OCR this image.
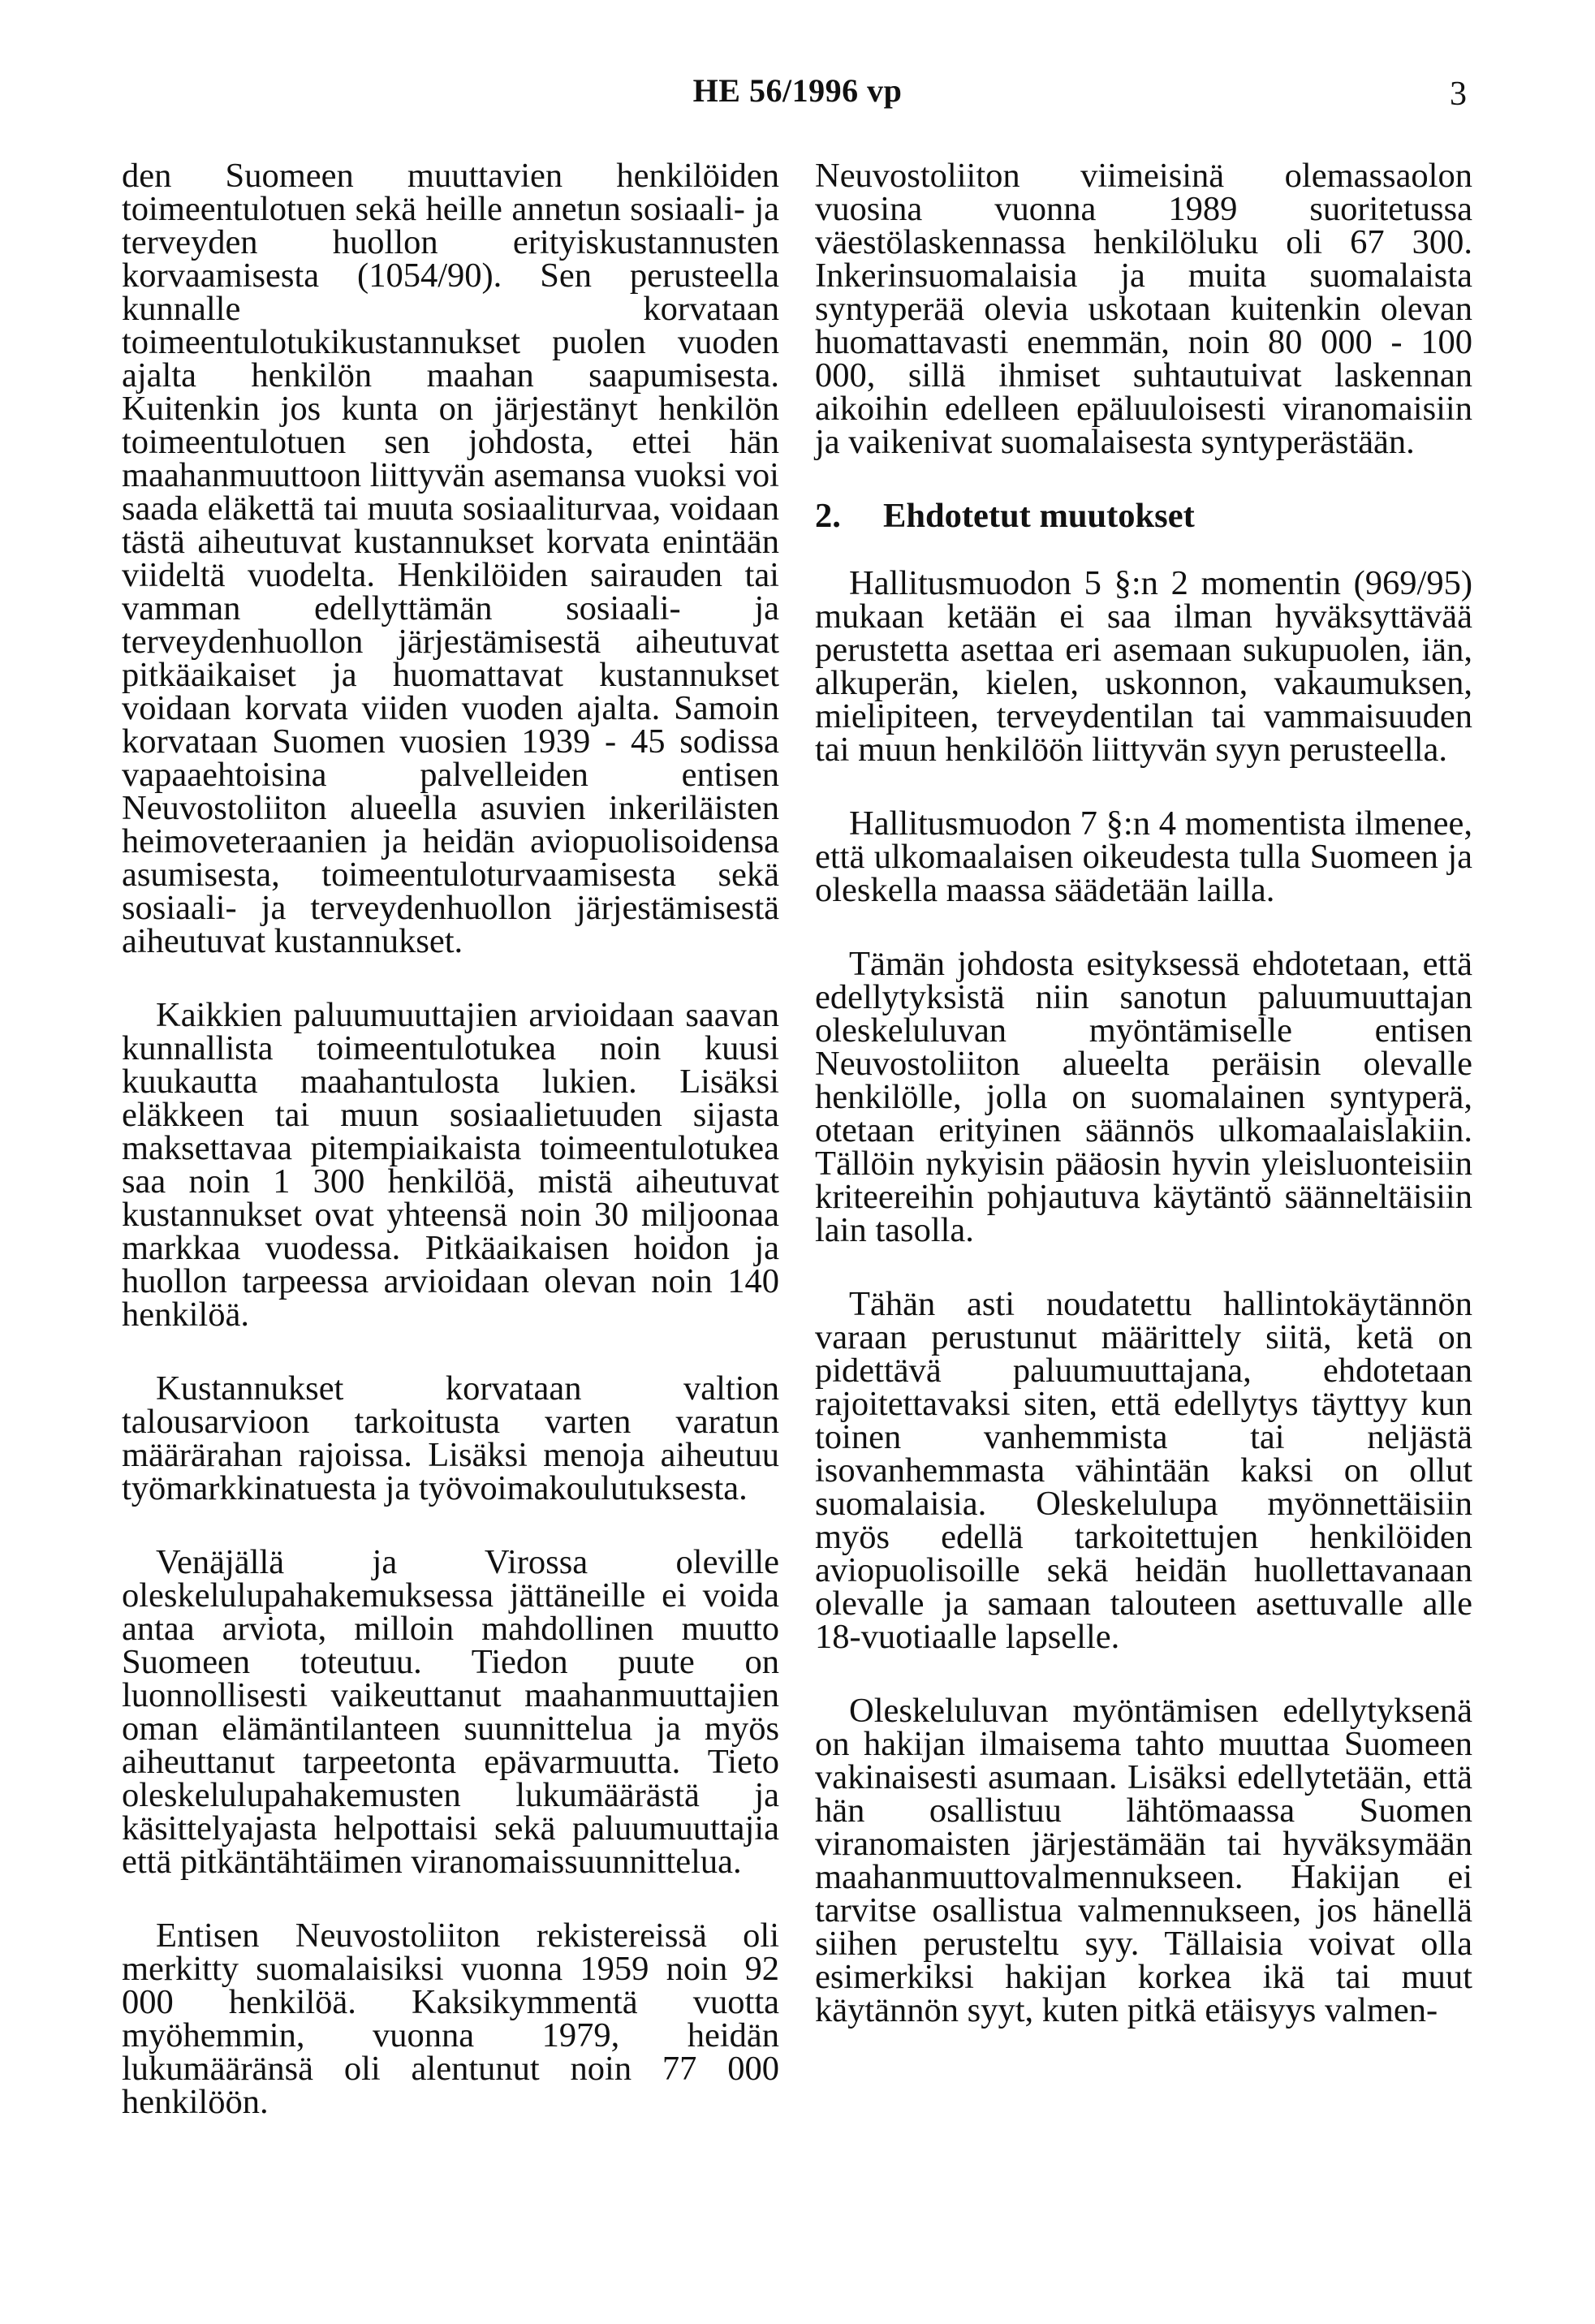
HE 56/1996 vp	3

den Suomeen muuttavien henkilöiden toimeentulotuen sekä heille annetun sosiaali- ja terveyden huollon erityiskustannusten korvaamisesta (1054/90). Sen perusteella kunnalle korvataan toimeentulotukikustannukset puolen vuoden ajalta henkilön maahan saapumisesta. Kuitenkin jos kunta on järjestänyt henkilön toimeentulotuen sen johdosta, ettei hän maahanmuuttoon liittyvän asemansa vuoksi voi saada eläkettä tai muuta sosiaaliturvaa, voidaan tästä aiheutuvat kustannukset korvata enintään viideltä vuodelta. Henkilöiden sairauden tai vamman edellyttämän sosiaali- ja terveydenhuollon järjestämisestä aiheutuvat pitkäaikaiset ja huomattavat kustannukset voidaan korvata viiden vuoden ajalta. Samoin korvataan Suomen vuosien 1939 - 45 sodissa vapaaehtoisina palvelleiden entisen Neuvostoliiton alueella asuvien inkeriläisten heimoveteraanien ja heidän aviopuolisoidensa asumisesta, toimeentuloturvaamisesta sekä sosiaali- ja terveydenhuollon järjestämisestä aiheutuvat kustannukset.

Kaikkien paluumuuttajien arvioidaan saavan kunnallista toimeentulotukea noin kuusi kuukautta maahantulosta lukien. Lisäksi eläkkeen tai muun sosiaalietuuden sijasta maksettavaa pitempiaikaista toimeentulotukea saa noin 1 300 henkilöä, mistä aiheutuvat kustannukset ovat yhteensä noin 30 miljoonaa markkaa vuodessa. Pitkäaikaisen hoidon ja huollon tarpeessa arvioidaan olevan noin 140 henkilöä.

Kustannukset korvataan valtion talousarvioon tarkoitusta varten varatun määrärahan rajoissa. Lisäksi menoja aiheutuu työmarkkinatuesta ja työvoimakoulutuksesta.

Venäjällä ja Virossa oleville oleskelulupahakemuksessa jättäneille ei voida antaa arviota, milloin mahdollinen muutto Suomeen toteutuu. Tiedon puute on luonnollisesti vaikeuttanut maahanmuuttajien oman elämäntilanteen suunnittelua ja myös aiheuttanut tarpeetonta epävarmuutta. Tieto oleskelulupahakemusten lukumäärästä ja käsittelyajasta helpottaisi sekä paluumuuttajia että pitkäntähtäimen viranomaissuunnittelua.

Entisen Neuvostoliiton rekistereissä oli merkitty suomalaisiksi vuonna 1959 noin 92 000 henkilöä. Kaksikymmentä vuotta myöhemmin, vuonna 1979, heidän lukumääränsä oli alentunut noin 77 000 henkilöön.

Neuvostoliiton viimeisinä olemassaolon vuosina vuonna 1989 suoritetussa väestölaskennassa henkilöluku oli 67 300. Inkerinsuomalaisia ja muita suomalaista syntyperää olevia uskotaan kuitenkin olevan huomattavasti enemmän, noin 80 000 - 100 000, sillä ihmiset suhtautuivat laskennan aikoihin edelleen epäluuloisesti viranomaisiin ja vaikenivat suomalaisesta syntyperästään.

2.	Ehdotetut muutokset

Hallitusmuodon 5 §:n 2 momentin (969/95) mukaan ketään ei saa ilman hyväksyttävää perustetta asettaa eri asemaan sukupuolen, iän, alkuperän, kielen, uskonnon, vakaumuksen, mielipiteen, terveydentilan tai vammaisuuden tai muun henkilöön liittyvän syyn perusteella.

Hallitusmuodon 7 §:n 4 momentista ilmenee, että ulkomaalaisen oikeudesta tulla Suomeen ja oleskella maassa säädetään lailla.

Tämän johdosta esityksessä ehdotetaan, että edellytyksistä niin sanotun paluumuuttajan oleskeluluvan myöntämiselle entisen Neuvostoliiton alueelta peräisin olevalle henkilölle, jolla on suomalainen syntyperä, otetaan erityinen säännös ulkomaalaislakiin. Tällöin nykyisin pääosin hyvin yleisluonteisiin kriteereihin pohjautuva käytäntö säänneltäisiin lain tasolla.

Tähän asti noudatettu hallintokäytännön varaan perustunut määrittely siitä, ketä on pidettävä paluumuuttajana, ehdotetaan rajoitettavaksi siten, että edellytys täyttyy kun toinen vanhemmista tai neljästä isovanhemmasta vähintään kaksi on ollut suomalaisia. Oleskelulupa myönnettäisiin myös edellä tarkoitettujen henkilöiden aviopuolisoille sekä heidän huollettavanaan olevalle ja samaan talouteen asettuvalle alle 18-vuotiaalle lapselle.

Oleskeluluvan myöntämisen edellytyksenä on hakijan ilmaisema tahto muuttaa Suomeen vakinaisesti asumaan. Lisäksi edellytetään, että hän osallistuu lähtömaassa Suomen viranomaisten järjestämään tai hyväksymään maahanmuuttovalmennukseen. Hakijan ei tarvitse osallistua valmennukseen, jos hänellä siihen perusteltu syy. Tällaisia voivat olla esimerkiksi hakijan korkea ikä tai muut käytännön syyt, kuten pitkä etäisyys valmen-
